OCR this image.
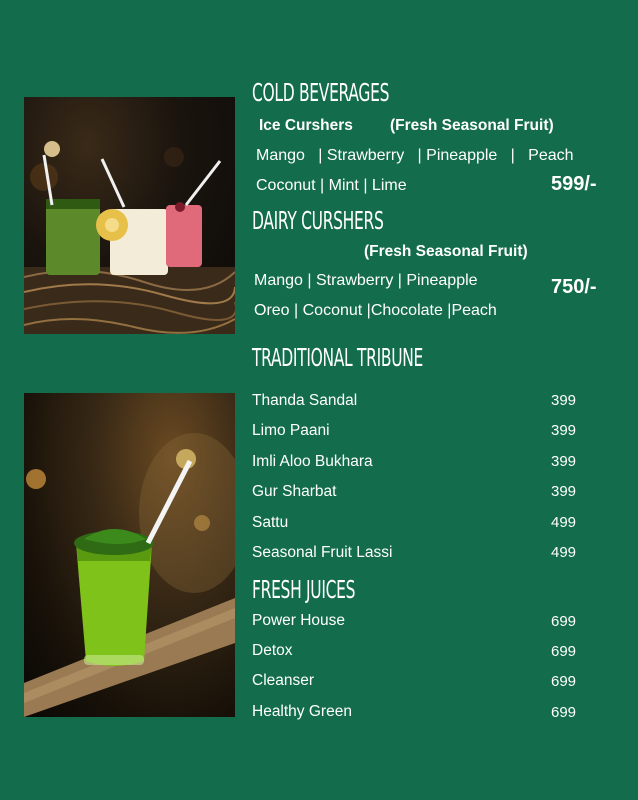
COLD BEVERAGES
Ice Curshers (Fresh Seasonal Fruit)
Mango   | Strawberry   | Pineapple   |   Peach
Coconut | Mint | Lime	599/-
DAIRY CURSHERS
(Fresh Seasonal Fruit)
Mango | Strawberry | Pineapple
Oreo | Coconut |Chocolate |Peach
750/-
TRADITIONAL TRIBUNE
Thanda Sandal	399
Limo Paani	399
Imli Aloo Bukhara	399
Gur Sharbat	399
Sattu	499
Seasonal Fruit Lassi	499
FRESH JUICES
Power House	699
Detox	699
Cleanser	699
Healthy Green	699
